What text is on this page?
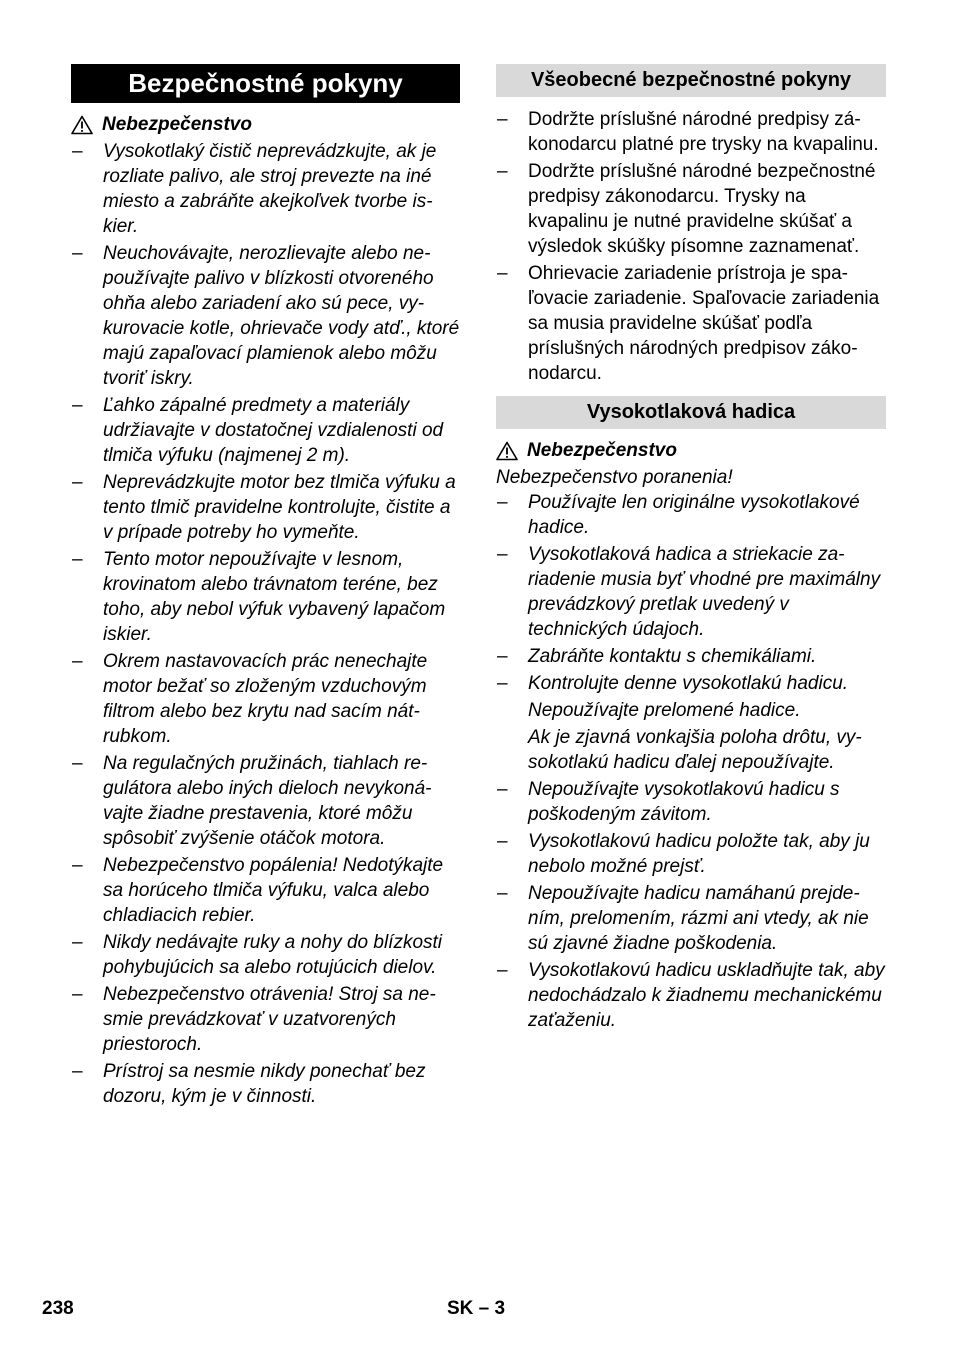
Bezpečnostné pokyny
Nebezpečenstvo
– Vysokotlaký čistič neprevádzkujte, ak je rozliate palivo, ale stroj prevezte na iné miesto a zabráňte akejkoľvek tvorbe iskier.
– Neuchovávajte, nerozlievajte alebo nepoužívajte palivo v blízkosti otvoreného ohňa alebo zariadení ako sú pece, vykurovacie kotle, ohrievače vody atď., ktoré majú zapaľovací plamienok alebo môžu tvoriť iskry.
– Ľahko zápalné predmety a materiály udržiavajte v dostatočnej vzdialenosti od tlmiča výfuku (najmenej 2 m).
– Neprevádzkujte motor bez tlmiča výfuku a tento tlmič pravidelne kontrolujte, čistite a v prípade potreby ho vymeňte.
– Tento motor nepoužívajte v lesnom, krovinatom alebo trávnatom teréne, bez toho, aby nebol výfuk vybavený lapačom iskier.
– Okrem nastavovacích prác nenechajte motor bežať so zloženým vzduchovým filtrom alebo bez krytu nad sacím nátrubkom.
– Na regulačných pružinách, tiahlach regulátora alebo iných dieloch nevykonávajte žiadne prestavenia, ktoré môžu spôsobiť zvýšenie otáčok motora.
– Nebezpečenstvo popálenia! Nedotýkajte sa horúceho tlmiča výfuku, valca alebo chladiacich rebier.
– Nikdy nedávajte ruky a nohy do blízkosti pohybujúcich sa alebo rotujúcich dielov.
– Nebezpečenstvo otrávenia! Stroj sa nesmie prevádzkovať v uzatvorených priestoroch.
– Prístroj sa nesmie nikdy ponechať bez dozoru, kým je v činnosti.
Všeobecné bezpečnostné pokyny
– Dodržte príslušné národné predpisy zákonodarcu platné pre trysky na kvapalinu.
– Dodržte príslušné národné bezpečnostné predpisy zákonodarcu. Trysky na kvapalinu je nutné pravidelne skúšať a výsledok skúšky písomne zaznamenať.
– Ohrievacie zariadenie prístroja je spaľovacie zariadenie. Spaľovacie zariadenia sa musia pravidelne skúšať podľa príslušných národných predpisov zákonodarcu.
Vysokotlaková hadica
Nebezpečenstvo
Nebezpečenstvo poranenia!
– Používajte len originálne vysokotlakové hadice.
– Vysokotlaková hadica a striekacie zariadenie musia byť vhodné pre maximálny prevádzkový pretlak uvedený v technických údajoch.
– Zabráňte kontaktu s chemikáliami.
– Kontrolujte denne vysokotlakú hadicu.
Nepoužívajte prelomené hadice.
Ak je zjavná vonkajšia poloha drôtu, vysokotlakú hadicu ďalej nepoužívajte.
– Nepoužívajte vysokotlakovú hadicu s poškodeným závitom.
– Vysokotlakovú hadicu položte tak, aby ju nebolo možné prejsť.
– Nepoužívajte hadicu namáhanú prejdením, prelomením, rázmi ani vtedy, ak nie sú zjavné žiadne poškodenia.
– Vysokotlakovú hadicu uskladňujte tak, aby nedochádzalo k žiadnemu mechanickému zaťaženiu.
238	SK – 3
